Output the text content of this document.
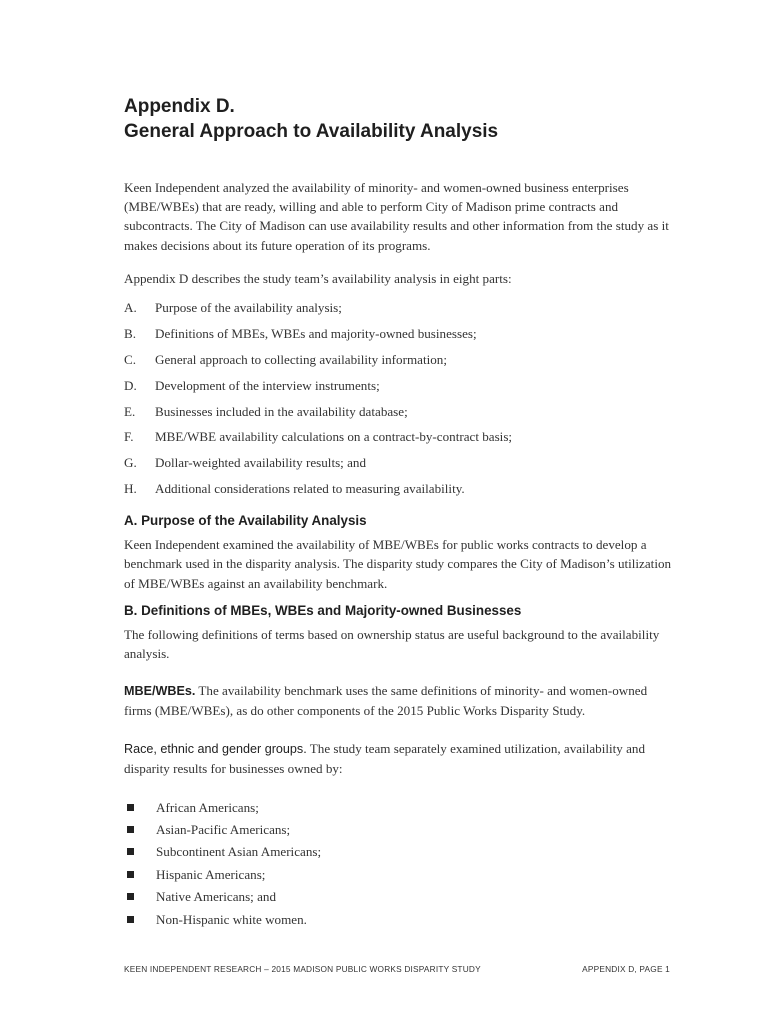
Appendix D.
General Approach to Availability Analysis

Keen Independent analyzed the availability of minority- and women-owned business enterprises (MBE/WBEs) that are ready, willing and able to perform City of Madison prime contracts and subcontracts. The City of Madison can use availability results and other information from the study as it makes decisions about its future operation of its programs.

Appendix D describes the study team’s availability analysis in eight parts:

A.	Purpose of the availability analysis;
B.	Definitions of MBEs, WBEs and majority-owned businesses;
C.	General approach to collecting availability information;
D.	Development of the interview instruments;
E.	Businesses included in the availability database;
F.	MBE/WBE availability calculations on a contract-by-contract basis;
G.	Dollar-weighted availability results; and
H.	Additional considerations related to measuring availability.
A. Purpose of the Availability Analysis

Keen Independent examined the availability of MBE/WBEs for public works contracts to develop a benchmark used in the disparity analysis. The disparity study compares the City of Madison’s utilization of MBE/WBEs against an availability benchmark.

B. Definitions of MBEs, WBEs and Majority-owned Businesses

The following definitions of terms based on ownership status are useful background to the availability analysis.

MBE/WBEs. The availability benchmark uses the same definitions of minority- and women-owned firms (MBE/WBEs), as do other components of the 2015 Public Works Disparity Study.

Race, ethnic and gender groups. The study team separately examined utilization, availability and disparity results for businesses owned by:

African Americans;
Asian-Pacific Americans;
Subcontinent Asian Americans;
Hispanic Americans;
Native Americans; and
Non-Hispanic white women.
KEEN INDEPENDENT RESEARCH – 2015 MADISON PUBLIC WORKS DISPARITY STUDY	APPENDIX D, PAGE 1
